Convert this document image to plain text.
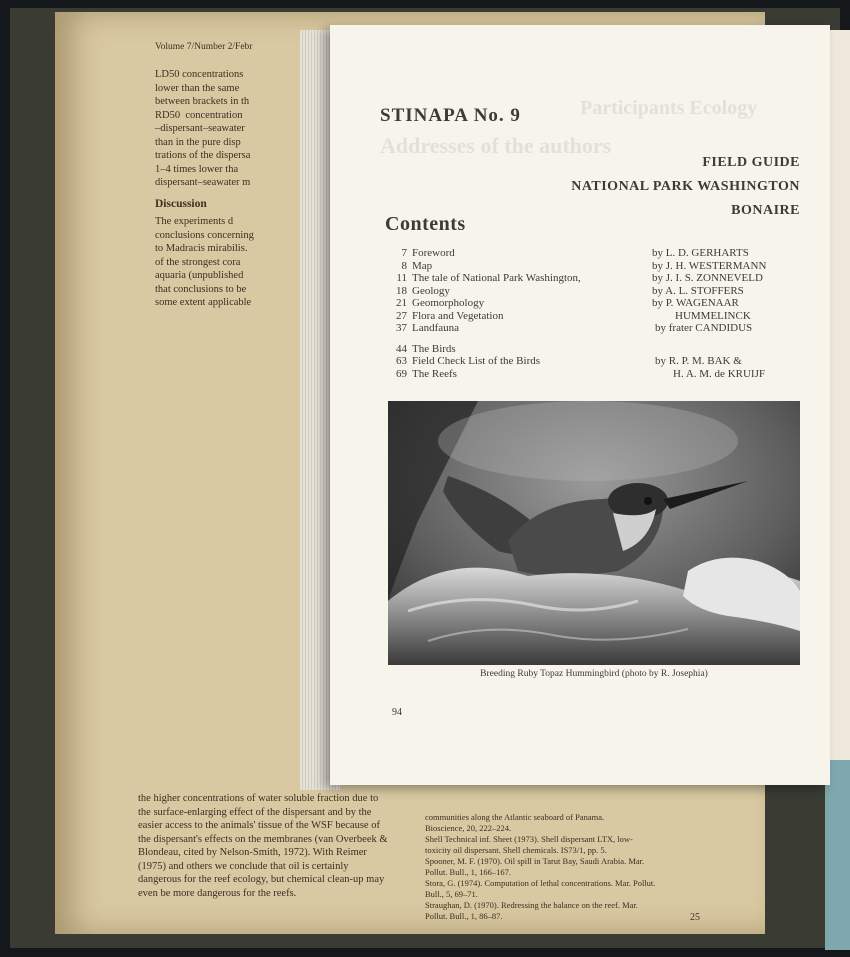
Volume 7/Number 2/Febr

LD50 concentrations

lower than the same

between brackets in th

RD50  concentration

–dispersant–seawater

than in the pure disp

trations of the dispersa

1–4 times lower tha

dispersant–seawater m

Discussion

The experiments d

conclusions concerning

to Madracis mirabilis.

of the strongest cora

aquaria (unpublished

that conclusions to be

some extent applicable

the higher concentrations of water soluble fraction due to

the surface-enlarging effect of the dispersant and by the

easier access to the animals' tissue of the WSF because of

the dispersant's effects on the membranes (van Overbeek &

Blondeau, cited by Nelson-Smith, 1972). With Reimer

(1975) and others we conclude that oil is certainly

dangerous for the reef ecology, but chemical clean-up may

even be more dangerous for the reefs.

communities along the Atlantic seaboard of Panama.

Bioscience, 20, 222–224.

Shell Technical inf. Sheet (1973). Shell dispersant LTX, low-

toxicity oil dispersant. Shell chemicals. IS73/1, pp. 5.

Spooner, M. F. (1970). Oil spill in Tarut Bay, Saudi Arabia. Mar.

Pollut. Bull., 1, 166–167.

Stora, G. (1974). Computation of lethal concentrations. Mar. Pollut.

Bull., 5, 69–71.

Straughan, D. (1970). Redressing the balance on the reef. Mar.

Pollut. Bull., 1, 86–87.	25
Participants Ecology
Addresses of the authors
STINAPA No. 9
FIELD GUIDE
NATIONAL PARK WASHINGTON
BONAIRE
Contents
7 Foreword	by L. D. GERHARTS
8 Map	by J. H. WESTERMANN
11 The tale of National Park Washington,	by J. I. S. ZONNEVELD
18 Geology	by A. L. STOFFERS
21 Geomorphology	by P. WAGENAAR
27 Flora and Vegetation	HUMMELINCK
37 Landfauna	by frater CANDIDUS
44 The Birds
63 Field Check List of the Birds	by R. P. M. BAK &
69 The Reefs	H. A. M. de KRUIJF
Breeding Ruby Topaz Hummingbird (photo by R. Josephia)
94
